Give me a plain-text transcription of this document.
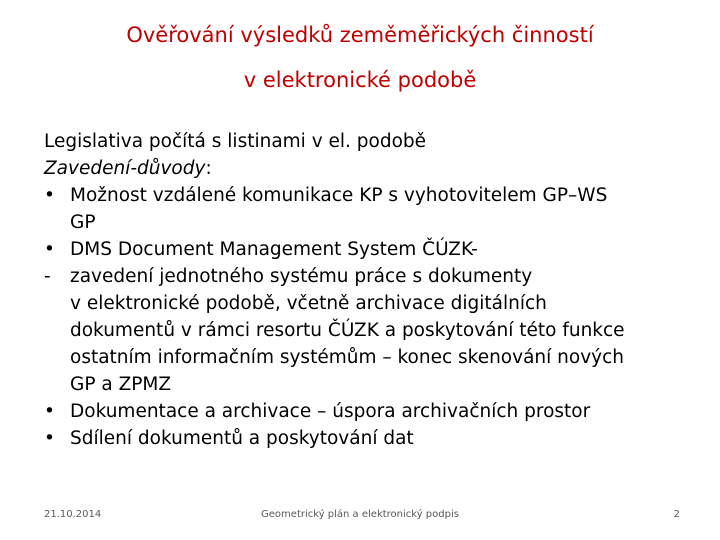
Ověřování výsledků zeměměřických činností
v elektronické podobě
Legislativa počítá s listinami v el. podobě
Zavedení-důvody:
• Možnost vzdálené komunikace KP s vyhotovitelem GP–WS
GP
• DMS Document Management System ČÚZK-
-	zavedení jednotného systému práce s dokumenty
v elektronické podobě, včetně archivace digitálních
dokumentů v rámci resortu ČÚZK a poskytování této funkce
ostatním informačním systémům – konec skenování nových
GP a ZPMZ
• Dokumentace a archivace – úspora archivačních prostor
• Sdílení dokumentů a poskytování dat
21.10.2014	Geometrický plán a elektronický podpis	2
